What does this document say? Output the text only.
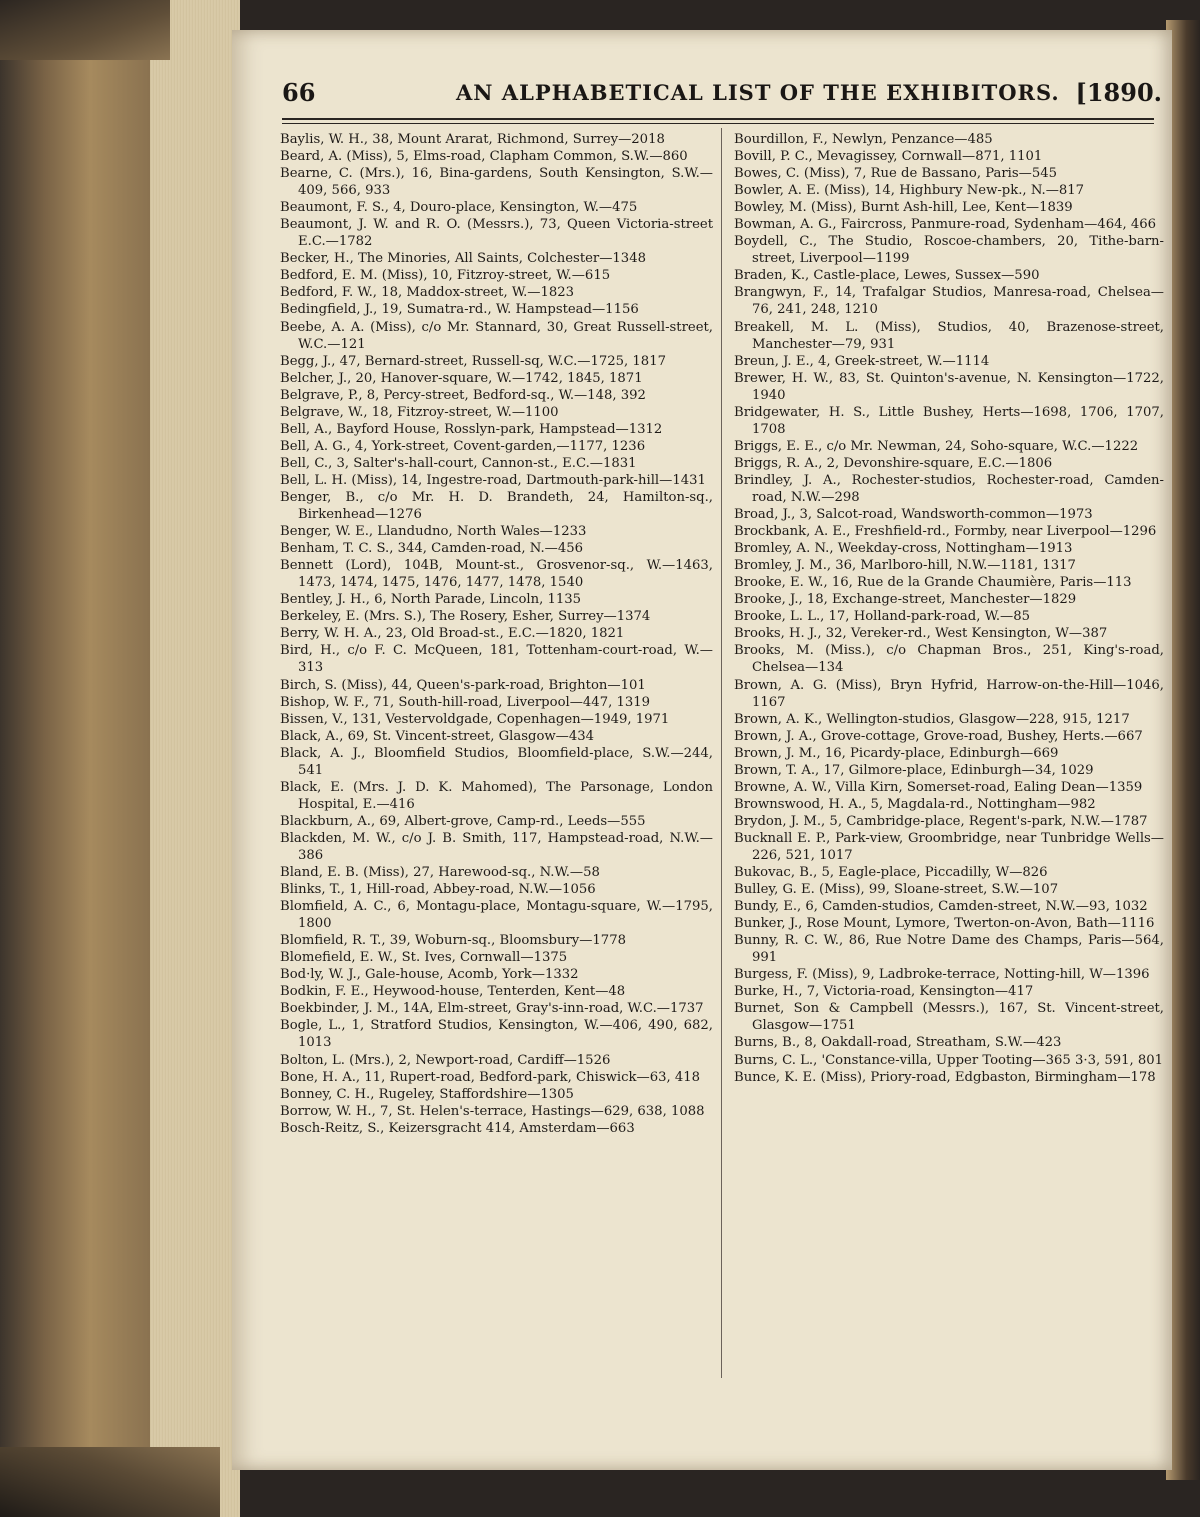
66	AN ALPHABETICAL LIST OF THE EXHIBITORS. [1890.

Baylis, W. H., 38, Mount Ararat, Richmond, Surrey—2018

Beard, A. (Miss), 5, Elms-road, Clapham Common, S.W.—860

Bearne, C. (Mrs.), 16, Bina-gardens, South Kensington, S.W.—409, 566, 933

Beaumont, F. S., 4, Douro-place, Kensington, W.—475

Beaumont, J. W. and R. O. (Messrs.), 73, Queen Victoria-street E.C.—1782

Becker, H., The Minories, All Saints, Colchester—1348

Bedford, E. M. (Miss), 10, Fitzroy-street, W.—615

Bedford, F. W., 18, Maddox-street, W.—1823

Bedingfield, J., 19, Sumatra-rd., W. Hampstead—1156

Beebe, A. A. (Miss), c/o Mr. Stannard, 30, Great Russell-street, W.C.—121

Begg, J., 47, Bernard-street, Russell-sq, W.C.—1725, 1817

Belcher, J., 20, Hanover-square, W.—1742, 1845, 1871

Belgrave, P., 8, Percy-street, Bedford-sq., W.—148, 392

Belgrave, W., 18, Fitzroy-street, W.—1100

Bell, A., Bayford House, Rosslyn-park, Hampstead—1312

Bell, A. G., 4, York-street, Covent-garden,—1177, 1236

Bell, C., 3, Salter's-hall-court, Cannon-st., E.C.—1831

Bell, L. H. (Miss), 14, Ingestre-road, Dartmouth-park-hill—1431

Benger, B., c/o Mr. H. D. Brandeth, 24, Hamilton-sq., Birkenhead—1276

Benger, W. E., Llandudno, North Wales—1233

Benham, T. C. S., 344, Camden-road, N.—456

Bennett (Lord), 104B, Mount-st., Grosvenor-sq., W.—1463, 1473, 1474, 1475, 1476, 1477, 1478, 1540

Bentley, J. H., 6, North Parade, Lincoln, 1135

Berkeley, E. (Mrs. S.), The Rosery, Esher, Surrey—1374

Berry, W. H. A., 23, Old Broad-st., E.C.—1820, 1821

Bird, H., c/o F. C. McQueen, 181, Tottenham-court-road, W.—313

Birch, S. (Miss), 44, Queen's-park-road, Brighton—101

Bishop, W. F., 71, South-hill-road, Liverpool—447, 1319

Bissen, V., 131, Vestervoldgade, Copenhagen—1949, 1971

Black, A., 69, St. Vincent-street, Glasgow—434

Black, A. J., Bloomfield Studios, Bloomfield-place, S.W.—244, 541

Black, E. (Mrs. J. D. K. Mahomed), The Parsonage, London Hospital, E.—416

Blackburn, A., 69, Albert-grove, Camp-rd., Leeds—555

Blackden, M. W., c/o J. B. Smith, 117, Hampstead-road, N.W.—386

Bland, E. B. (Miss), 27, Harewood-sq., N.W.—58

Blinks, T., 1, Hill-road, Abbey-road, N.W.—1056

Blomfield, A. C., 6, Montagu-place, Montagu-square, W.—1795, 1800

Blomfield, R. T., 39, Woburn-sq., Bloomsbury—1778

Blomefield, E. W., St. Ives, Cornwall—1375

Bod·ly, W. J., Gale-house, Acomb, York—1332

Bodkin, F. E., Heywood-house, Tenterden, Kent—48

Boekbinder, J. M., 14A, Elm-street, Gray's-inn-road, W.C.—1737

Bogle, L., 1, Stratford Studios, Kensington, W.—406, 490, 682, 1013

Bolton, L. (Mrs.), 2, Newport-road, Cardiff—1526

Bone, H. A., 11, Rupert-road, Bedford-park, Chiswick—63, 418

Bonney, C. H., Rugeley, Staffordshire—1305

Borrow, W. H., 7, St. Helen's-terrace, Hastings—629, 638, 1088

Bosch-Reitz, S., Keizersgracht 414, Amsterdam—663

Bourdillon, F., Newlyn, Penzance—485

Bovill, P. C., Mevagissey, Cornwall—871, 1101

Bowes, C. (Miss), 7, Rue de Bassano, Paris—545

Bowler, A. E. (Miss), 14, Highbury New-pk., N.—817

Bowley, M. (Miss), Burnt Ash-hill, Lee, Kent—1839

Bowman, A. G., Faircross, Panmure-road, Sydenham—464, 466

Boydell, C., The Studio, Roscoe-chambers, 20, Tithe-barn-street, Liverpool—1199

Braden, K., Castle-place, Lewes, Sussex—590

Brangwyn, F., 14, Trafalgar Studios, Manresa-road, Chelsea—76, 241, 248, 1210

Breakell, M. L. (Miss), Studios, 40, Brazenose-street, Manchester—79, 931

Breun, J. E., 4, Greek-street, W.—1114

Brewer, H. W., 83, St. Quinton's-avenue, N. Kensington—1722, 1940

Bridgewater, H. S., Little Bushey, Herts—1698, 1706, 1707, 1708

Briggs, E. E., c/o Mr. Newman, 24, Soho-square, W.C.—1222

Briggs, R. A., 2, Devonshire-square, E.C.—1806

Brindley, J. A., Rochester-studios, Rochester-road, Camden-road, N.W.—298

Broad, J., 3, Salcot-road, Wandsworth-common—1973

Brockbank, A. E., Freshfield-rd., Formby, near Liverpool—1296

Bromley, A. N., Weekday-cross, Nottingham—1913

Bromley, J. M., 36, Marlboro-hill, N.W.—1181, 1317

Brooke, E. W., 16, Rue de la Grande Chaumière, Paris—113

Brooke, J., 18, Exchange-street, Manchester—1829

Brooke, L. L., 17, Holland-park-road, W.—85

Brooks, H. J., 32, Vereker-rd., West Kensington, W—387

Brooks, M. (Miss.), c/o Chapman Bros., 251, King's-road, Chelsea—134

Brown, A. G. (Miss), Bryn Hyfrid, Harrow-on-the-Hill—1046, 1167

Brown, A. K., Wellington-studios, Glasgow—228, 915, 1217

Brown, J. A., Grove-cottage, Grove-road, Bushey, Herts.—667

Brown, J. M., 16, Picardy-place, Edinburgh—669

Brown, T. A., 17, Gilmore-place, Edinburgh—34, 1029

Browne, A. W., Villa Kirn, Somerset-road, Ealing Dean—1359

Brownswood, H. A., 5, Magdala-rd., Nottingham—982

Brydon, J. M., 5, Cambridge-place, Regent's-park, N.W.—1787

Bucknall E. P., Park-view, Groombridge, near Tunbridge Wells—226, 521, 1017

Bukovac, B., 5, Eagle-place, Piccadilly, W—826

Bulley, G. E. (Miss), 99, Sloane-street, S.W.—107

Bundy, E., 6, Camden-studios, Camden-street, N.W.—93, 1032

Bunker, J., Rose Mount, Lymore, Twerton-on-Avon, Bath—1116

Bunny, R. C. W., 86, Rue Notre Dame des Champs, Paris—564, 991

Burgess, F. (Miss), 9, Ladbroke-terrace, Notting-hill, W—1396

Burke, H., 7, Victoria-road, Kensington—417

Burnet, Son & Campbell (Messrs.), 167, St. Vincent-street, Glasgow—1751

Burns, B., 8, Oakdall-road, Streatham, S.W.—423

Burns, C. L., 'Constance-villa, Upper Tooting—365 3·3, 591, 801

Bunce, K. E. (Miss), Priory-road, Edgbaston, Birmingham—178
